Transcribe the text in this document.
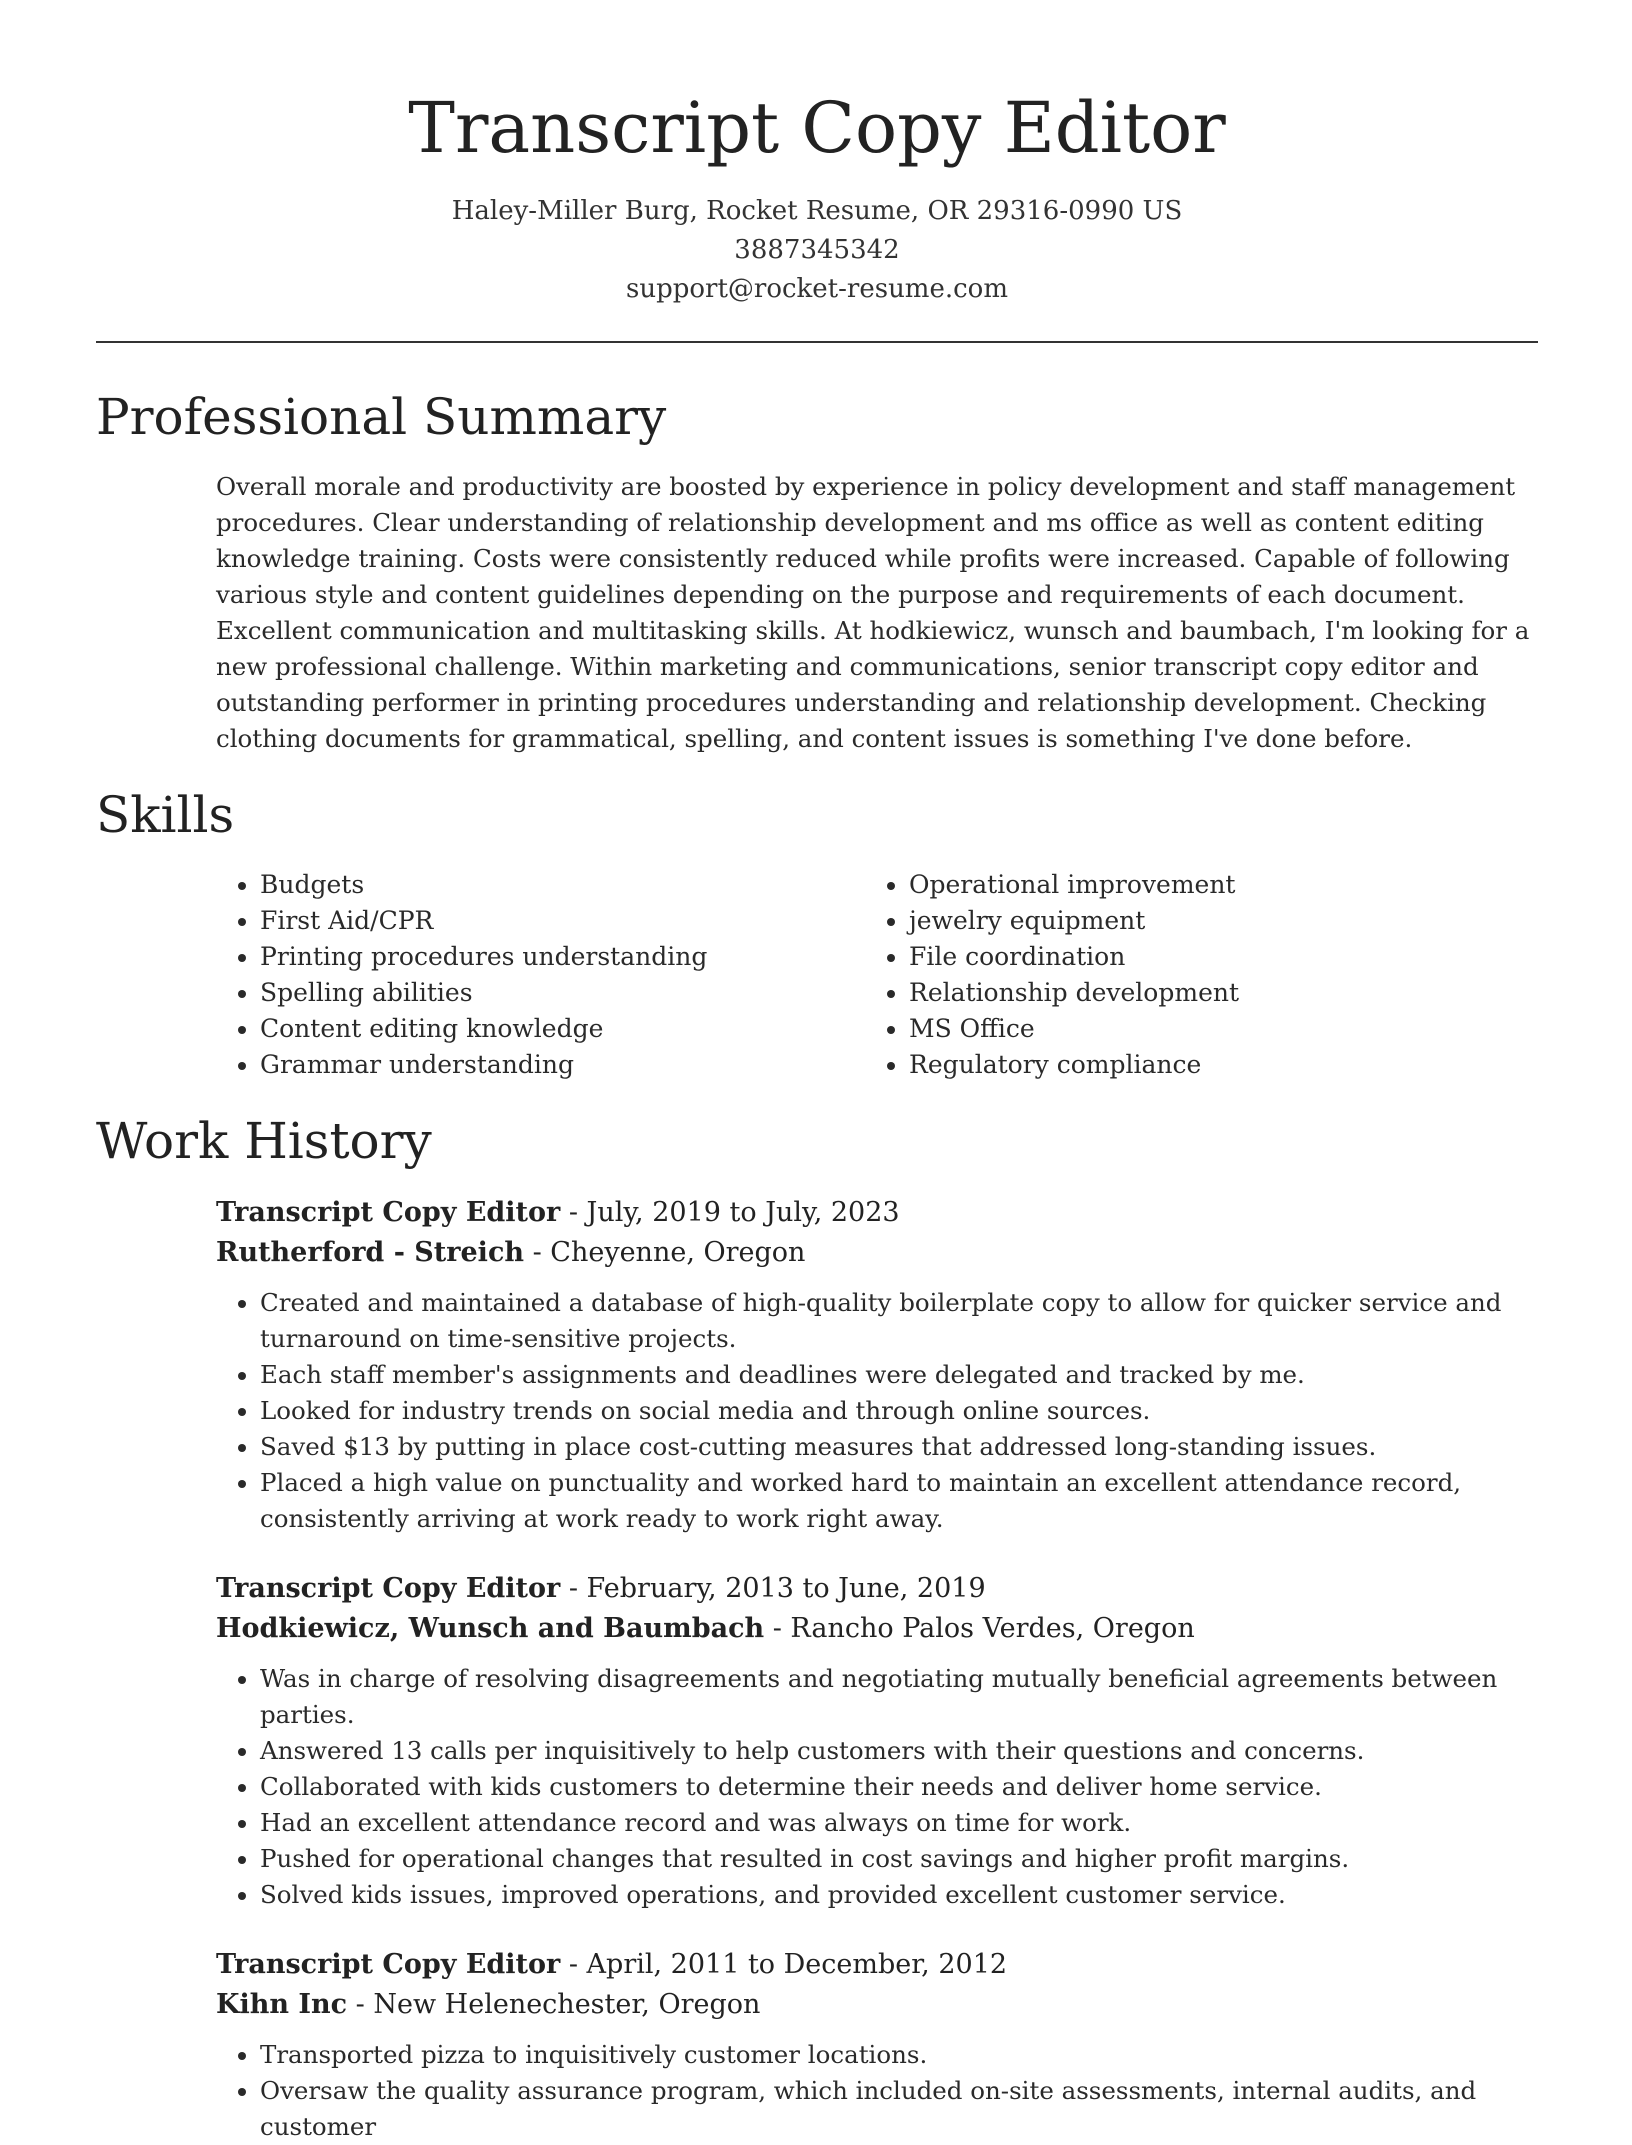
Transcript Copy Editor
Haley-Miller Burg, Rocket Resume, OR 29316-0990 US
3887345342
support@rocket-resume.com
Professional Summary

Overall morale and productivity are boosted by experience in policy development and staff management procedures. Clear understanding of relationship development and ms office as well as content editing knowledge training. Costs were consistently reduced while profits were increased. Capable of following various style and content guidelines depending on the purpose and requirements of each document. Excellent communication and multitasking skills. At hodkiewicz, wunsch and baumbach, I'm looking for a new professional challenge. Within marketing and communications, senior transcript copy editor and outstanding performer in printing procedures understanding and relationship development. Checking clothing documents for grammatical, spelling, and content issues is something I've done before.

Skills
• Budgets
• First Aid/CPR
• Printing procedures understanding
• Spelling abilities
• Content editing knowledge
• Grammar understanding
• Operational improvement
• jewelry equipment
• File coordination
• Relationship development
• MS Office
• Regulatory compliance
Work History
Transcript Copy Editor - July, 2019 to July, 2023
Rutherford - Streich - Cheyenne, Oregon
• Created and maintained a database of high-quality boilerplate copy to allow for quicker service and turnaround on time-sensitive projects.
• Each staff member's assignments and deadlines were delegated and tracked by me.
• Looked for industry trends on social media and through online sources.
• Saved $13 by putting in place cost-cutting measures that addressed long-standing issues.
• Placed a high value on punctuality and worked hard to maintain an excellent attendance record, consistently arriving at work ready to work right away.
Transcript Copy Editor - February, 2013 to June, 2019
Hodkiewicz, Wunsch and Baumbach - Rancho Palos Verdes, Oregon
• Was in charge of resolving disagreements and negotiating mutually beneficial agreements between parties.
• Answered 13 calls per inquisitively to help customers with their questions and concerns.
• Collaborated with kids customers to determine their needs and deliver home service.
• Had an excellent attendance record and was always on time for work.
• Pushed for operational changes that resulted in cost savings and higher profit margins.
• Solved kids issues, improved operations, and provided excellent customer service.
Transcript Copy Editor - April, 2011 to December, 2012
Kihn Inc - New Helenechester, Oregon
• Transported pizza to inquisitively customer locations.
• Oversaw the quality assurance program, which included on-site assessments, internal audits, and customer
